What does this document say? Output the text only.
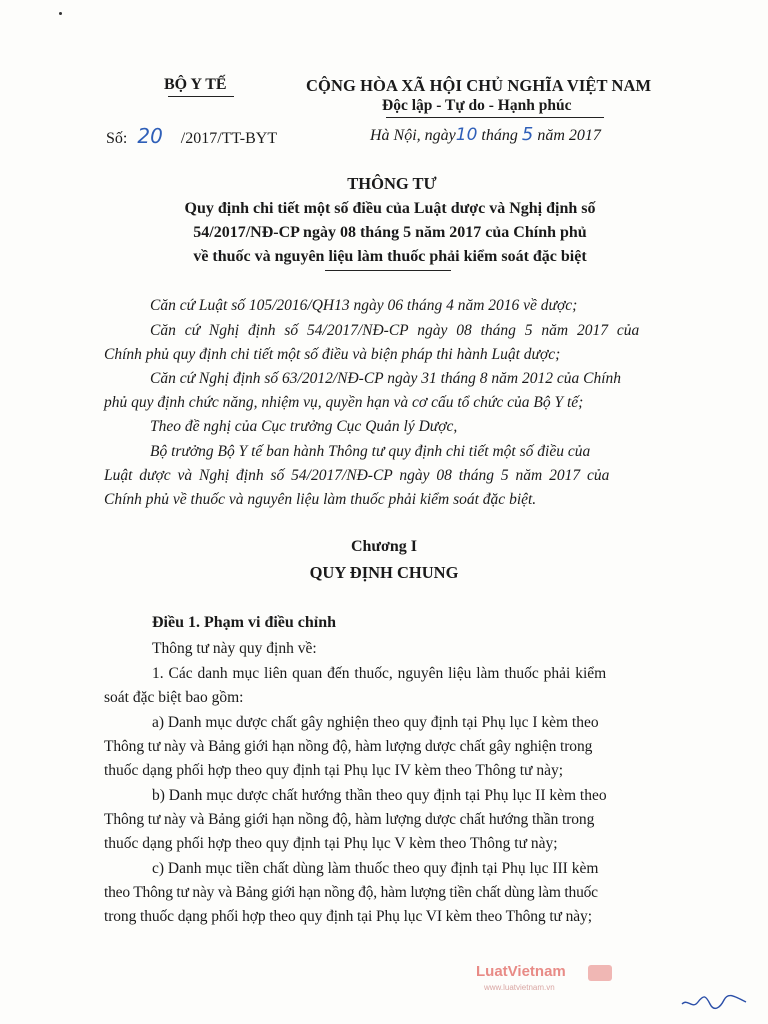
BỘ Y TẾ	CỘNG HÒA XÃ HỘI CHỦ NGHĨA VIỆT NAM
Độc lập - Tự do - Hạnh phúc
Số: 20 /2017/TT-BYT	Hà Nội, ngày10 tháng 5 năm 2017
THÔNG TƯ
Quy định chi tiết một số điều của Luật dược và Nghị định số
54/2017/NĐ-CP ngày 08 tháng 5 năm 2017 của Chính phủ
về thuốc và nguyên liệu làm thuốc phải kiểm soát đặc biệt
Căn cứ Luật số 105/2016/QH13 ngày 06 tháng 4 năm 2016 về dược;
Căn cứ Nghị định số 54/2017/NĐ-CP ngày 08 tháng 5 năm 2017 của
Chính phủ quy định chi tiết một số điều và biện pháp thi hành Luật dược;
Căn cứ Nghị định số 63/2012/NĐ-CP ngày 31 tháng 8 năm 2012 của Chính
phủ quy định chức năng, nhiệm vụ, quyền hạn và cơ cấu tổ chức của Bộ Y tế;
Theo đề nghị của Cục trưởng Cục Quản lý Dược,
Bộ trưởng Bộ Y tế ban hành Thông tư quy định chi tiết một số điều của
Luật dược và Nghị định số 54/2017/NĐ-CP ngày 08 tháng 5 năm 2017 của
Chính phủ về thuốc và nguyên liệu làm thuốc phải kiểm soát đặc biệt.
Chương I
QUY ĐỊNH CHUNG
Điều 1. Phạm vi điều chỉnh
Thông tư này quy định về:
1. Các danh mục liên quan đến thuốc, nguyên liệu làm thuốc phải kiểm
soát đặc biệt bao gồm:
a) Danh mục dược chất gây nghiện theo quy định tại Phụ lục I kèm theo
Thông tư này và Bảng giới hạn nồng độ, hàm lượng dược chất gây nghiện trong
thuốc dạng phối hợp theo quy định tại Phụ lục IV kèm theo Thông tư này;
b) Danh mục dược chất hướng thần theo quy định tại Phụ lục II kèm theo
Thông tư này và Bảng giới hạn nồng độ, hàm lượng dược chất hướng thần trong
thuốc dạng phối hợp theo quy định tại Phụ lục V kèm theo Thông tư này;
c) Danh mục tiền chất dùng làm thuốc theo quy định tại Phụ lục III kèm
theo Thông tư này và Bảng giới hạn nồng độ, hàm lượng tiền chất dùng làm thuốc
trong thuốc dạng phối hợp theo quy định tại Phụ lục VI kèm theo Thông tư này;
LuatVietnam
www.luatvietnam.vn
